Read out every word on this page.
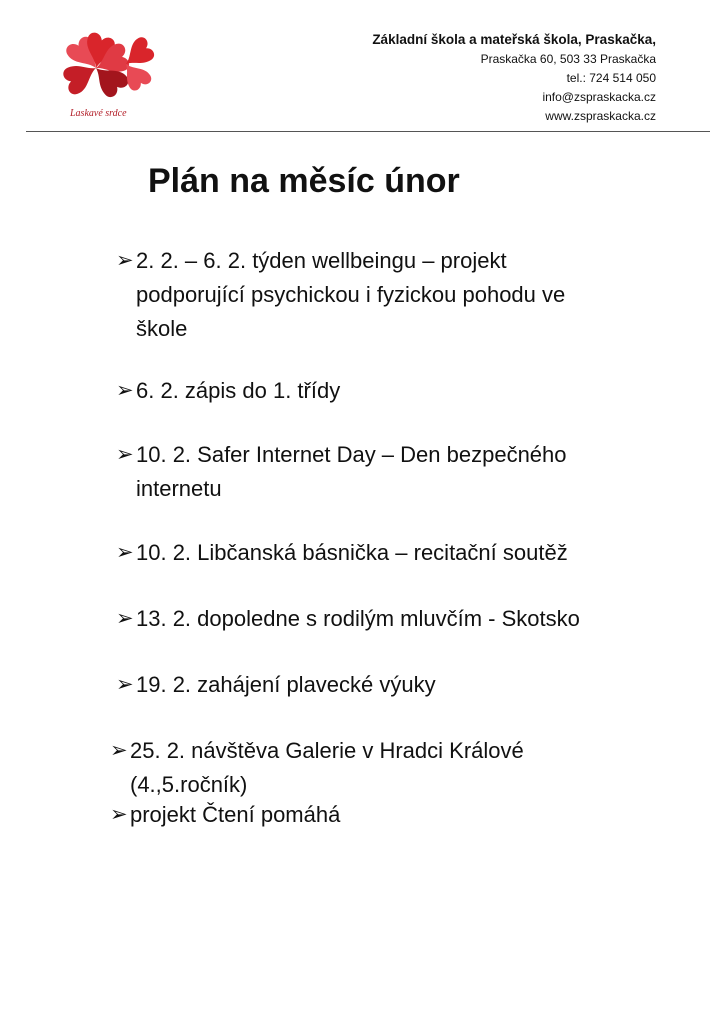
Laskavé srdce
Základní škola a mateřská škola, Praskačka,
Praskačka 60, 503 33 Praskačka
tel.: 724 514 050
info@zspraskacka.cz
www.zspraskacka.cz
Plán na měsíc únor
➢ 2. 2. – 6. 2. týden wellbeingu – projekt podporující psychickou i fyzickou pohodu ve škole
➢ 6. 2. zápis do 1. třídy
➢ 10. 2. Safer Internet Day – Den bezpečného internetu
➢ 10. 2. Libčanská básnička – recitační soutěž
➢ 13. 2. dopoledne s rodilým mluvčím - Skotsko
➢ 19. 2. zahájení plavecké výuky
➢ 25. 2. návštěva Galerie v Hradci Králové (4.,5.ročník)
➢ projekt Čtení pomáhá
